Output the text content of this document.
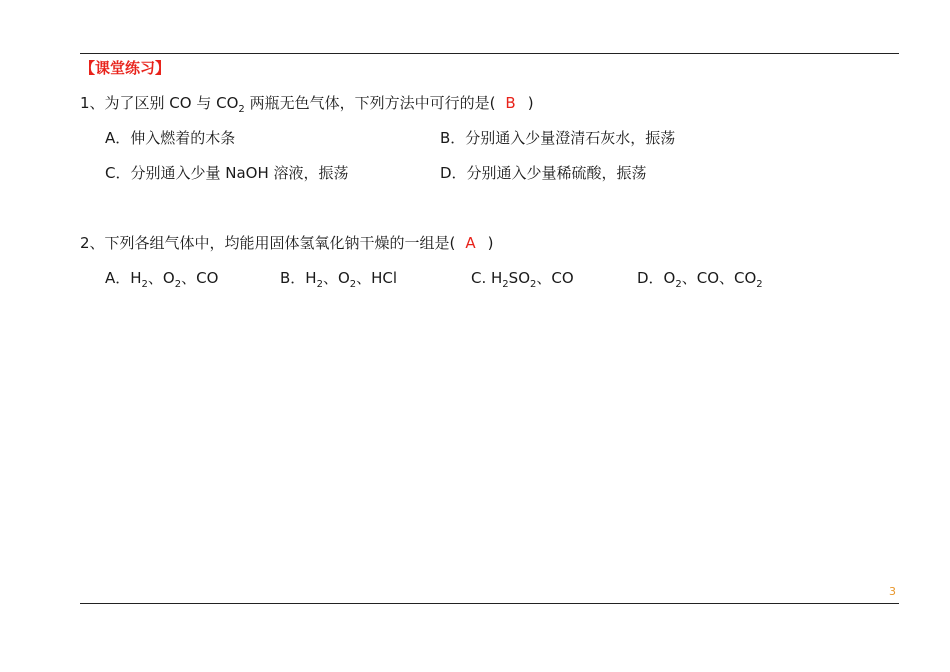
【课堂练习】
1、为了区别 CO 与 $CO_2$ 两瓶无色气体，下列方法中可行的是( B )
A．伸入燃着的木条	B．分别通入少量澄清石灰水，振荡
C．分别通入少量 NaOH 溶液，振荡	D．分别通入少量稀硫酸，振荡
2、下列各组气体中，均能用固体氢氧化钠干燥的一组是( A )
A．$H_2$、$O_2$、CO	B．$H_2$、$O_2$、HCl	C. $H_2SO_2$、CO	D．$O_2$、CO、$CO_2$
3
